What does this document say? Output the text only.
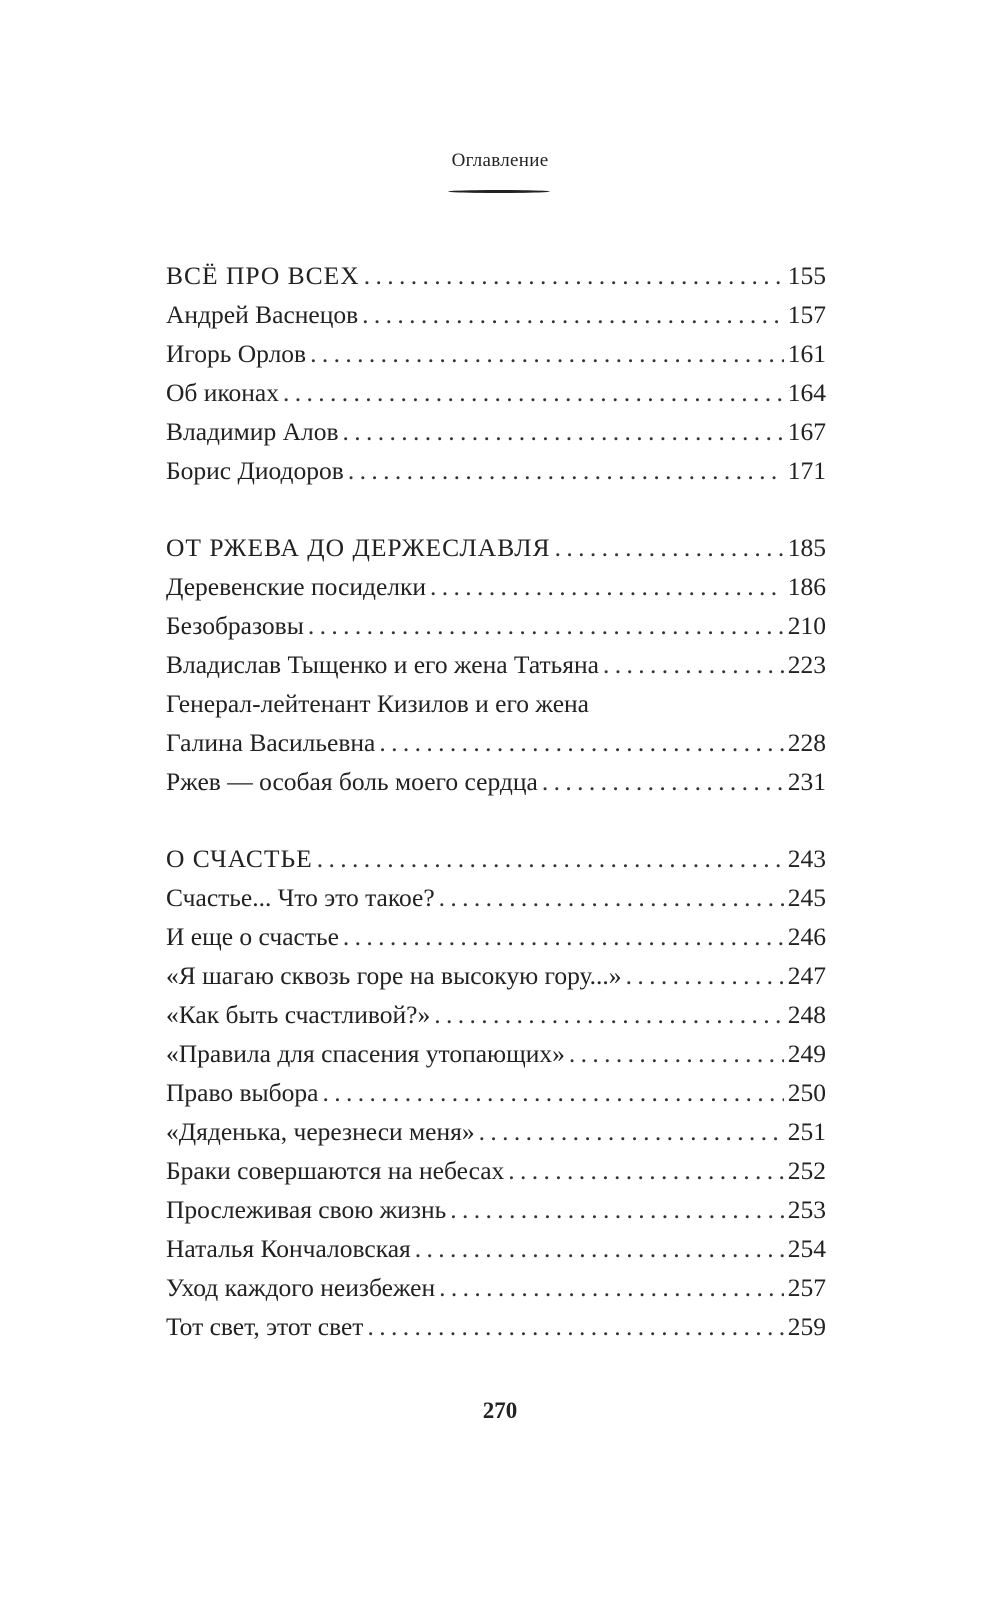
Оглавление
ВСЁ ПРО ВСЕХ . . .	155
Андрей Васнецов . . .	157
Игорь Орлов . . .	161
Об иконах . . .	164
Владимир Алов . . .	167
Борис Диодоров . . .	171
ОТ РЖЕВА ДО ДЕРЖЕСЛАВЛЯ . . .	185
Деревенские посиделки . . .	186
Безобразовы . . .	210
Владислав Тыщенко и его жена Татьяна . . .	223
Генерал-лейтенант Кизилов и его жена
Галина Васильевна . . .	228
Ржев — особая боль моего сердца . . .	231
О СЧАСТЬЕ . . .	243
Счастье... Что это такое? . . .	245
И еще о счастье . . .	246
«Я шагаю сквозь горе на высокую гору...» . . .	247
«Как быть счастливой?» . . .	248
«Правила для спасения утопающих» . . .	249
Право выбора . . .	250
«Дяденька, черезнеси меня» . . .	251
Браки совершаются на небесах . . .	252
Прослеживая свою жизнь . . .	253
Наталья Кончаловская . . .	254
Уход каждого неизбежен . . .	257
Тот свет, этот свет . . .	259
270
